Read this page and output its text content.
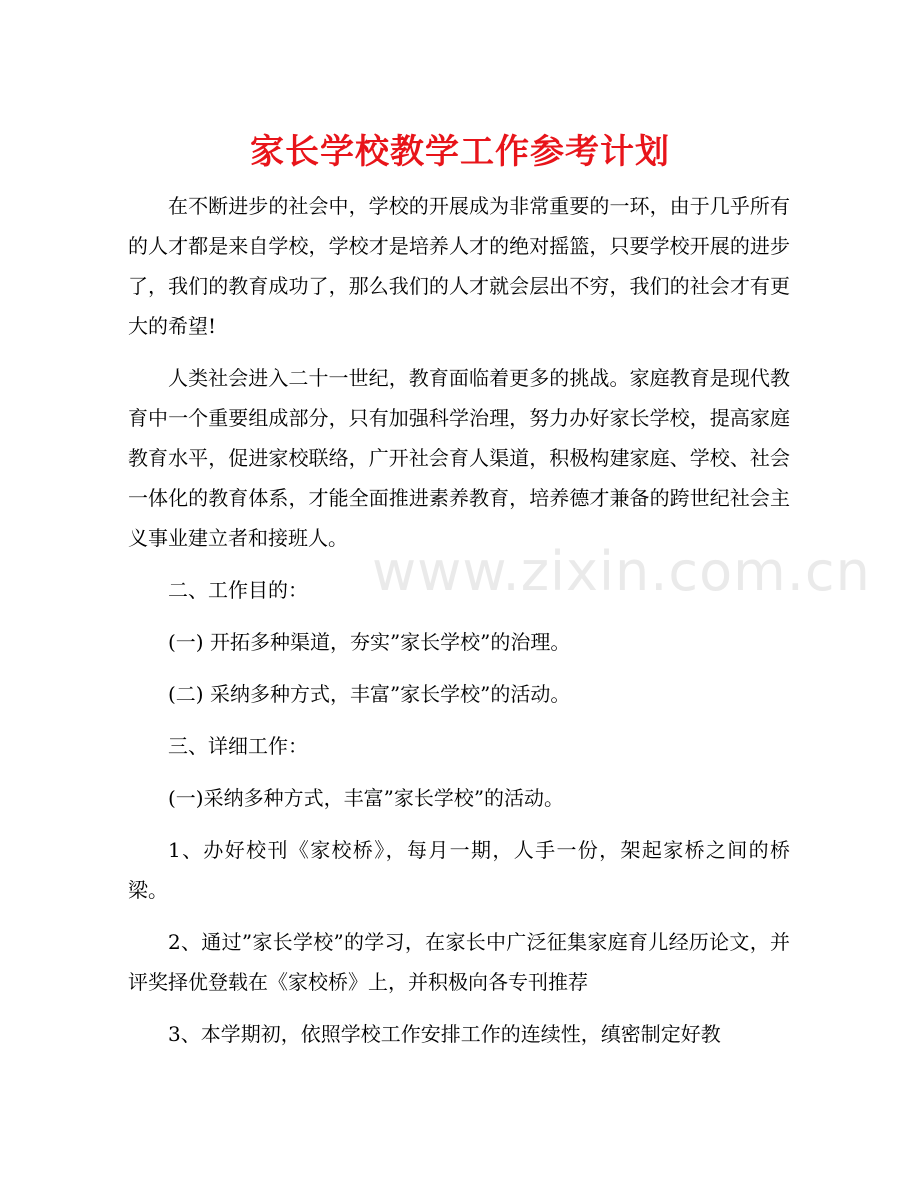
家长学校教学工作参考计划

在不断进步的社会中，学校的开展成为非常重要的一环，由于几乎所有的人才都是来自学校，学校才是培养人才的绝对摇篮，只要学校开展的进步了，我们的教育成功了，那么我们的人才就会层出不穷，我们的社会才有更大的希望!

人类社会进入二十一世纪，教育面临着更多的挑战。家庭教育是现代教育中一个重要组成部分，只有加强科学治理，努力办好家长学校，提高家庭教育水平，促进家校联络，广开社会育人渠道，积极构建家庭、学校、社会一体化的教育体系，才能全面推进素养教育，培养德才兼备的跨世纪社会主义事业建立者和接班人。

二、工作目的：

(一) 开拓多种渠道，夯实”家长学校”的治理。

(二) 采纳多种方式，丰富”家长学校”的活动。

三、详细工作：

(一)采纳多种方式，丰富”家长学校”的活动。

1、办好校刊《家校桥》，每月一期，人手一份，架起家桥之间的桥梁。

2、通过”家长学校”的学习，在家长中广泛征集家庭育儿经历论文，并评奖择优登载在《家校桥》上，并积极向各专刊推荐

3、本学期初，依照学校工作安排工作的连续性，缜密制定好教

www.zixin.com.cn
